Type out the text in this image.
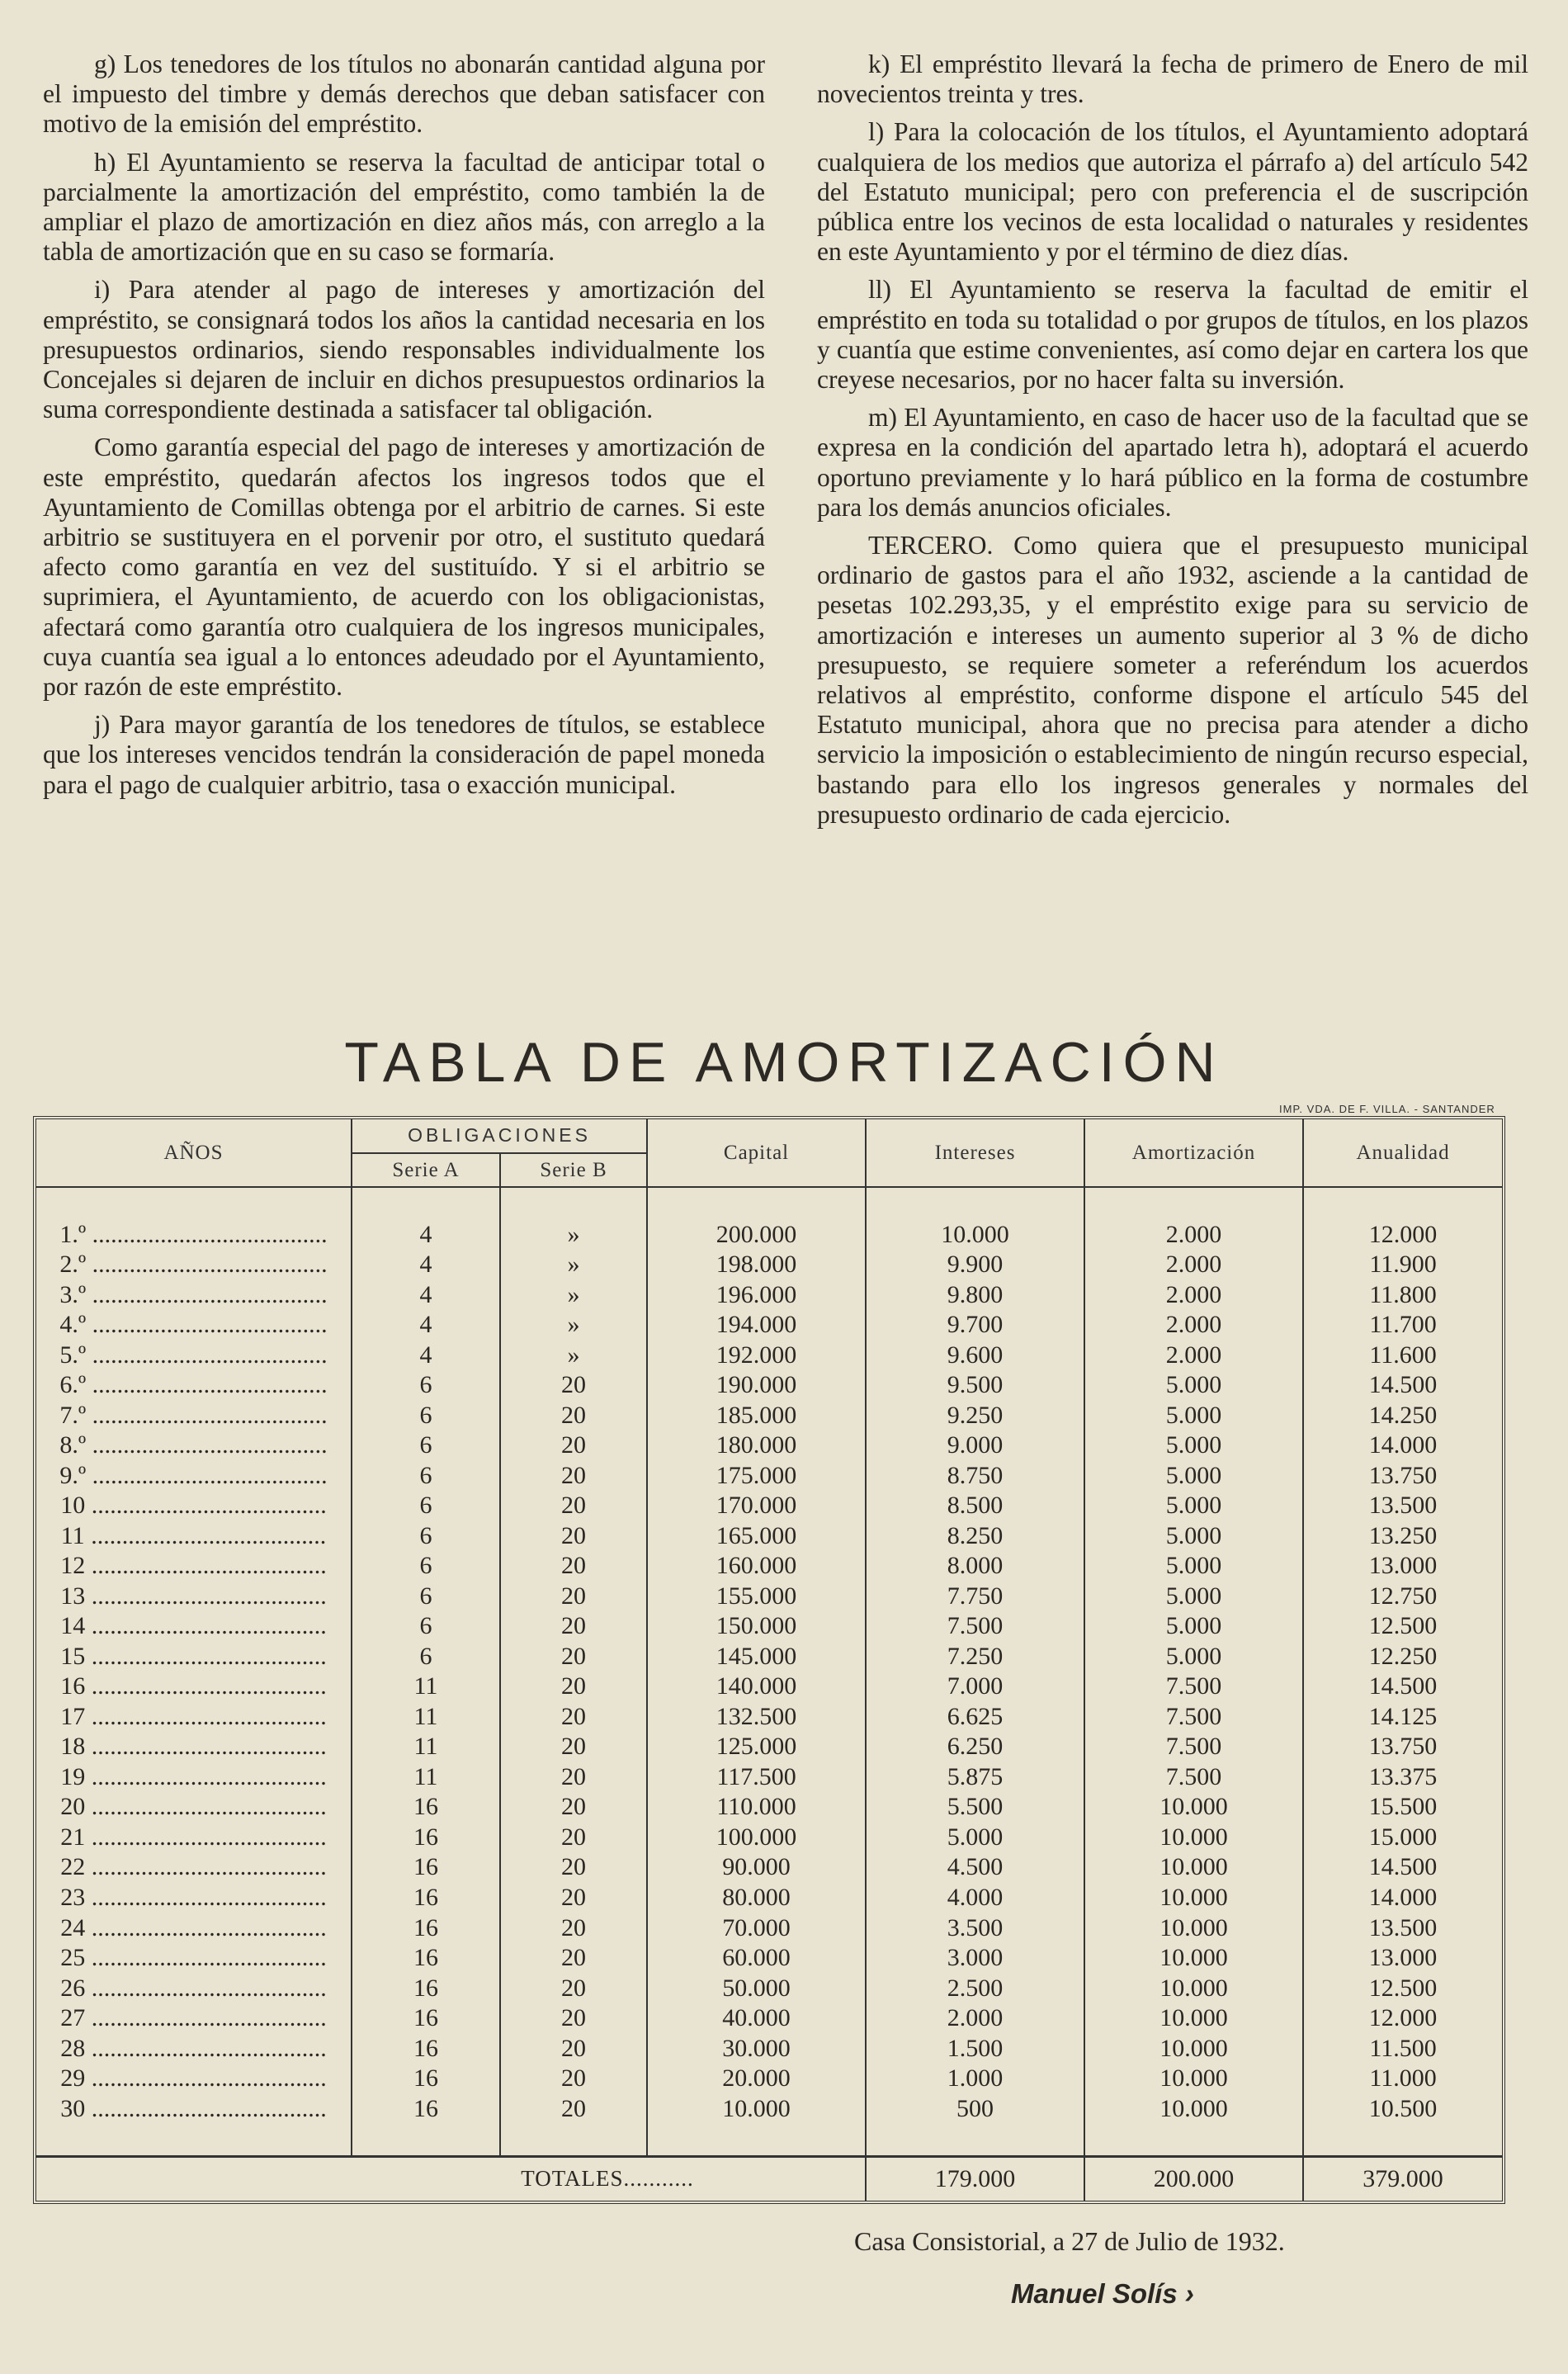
g) Los tenedores de los títulos no abonarán cantidad alguna por el impuesto del timbre y demás derechos que deban satisfacer con motivo de la emisión del empréstito.

h) El Ayuntamiento se reserva la facultad de anticipar total o parcialmente la amortización del empréstito, como también la de ampliar el plazo de amortización en diez años más, con arreglo a la tabla de amortización que en su caso se formaría.

i) Para atender al pago de intereses y amortización del empréstito, se consignará todos los años la cantidad necesaria en los presupuestos ordinarios, siendo responsables individualmente los Concejales si dejaren de incluir en dichos presupuestos ordinarios la suma correspondiente destinada a satisfacer tal obligación.

Como garantía especial del pago de intereses y amortización de este empréstito, quedarán afectos los ingresos todos que el Ayuntamiento de Comillas obtenga por el arbitrio de carnes. Si este arbitrio se sustituyera en el porvenir por otro, el sustituto quedará afecto como garantía en vez del sustituído. Y si el arbitrio se suprimiera, el Ayuntamiento, de acuerdo con los obligacionistas, afectará como garantía otro cualquiera de los ingresos municipales, cuya cuantía sea igual a lo entonces adeudado por el Ayuntamiento, por razón de este empréstito.

j) Para mayor garantía de los tenedores de títulos, se establece que los intereses vencidos tendrán la consideración de papel moneda para el pago de cualquier arbitrio, tasa o exacción municipal.

k) El empréstito llevará la fecha de primero de Enero de mil novecientos treinta y tres.

l) Para la colocación de los títulos, el Ayuntamiento adoptará cualquiera de los medios que autoriza el párrafo a) del artículo 542 del Estatuto municipal; pero con preferencia el de suscripción pública entre los vecinos de esta localidad o naturales y residentes en este Ayuntamiento y por el término de diez días.

ll) El Ayuntamiento se reserva la facultad de emitir el empréstito en toda su totalidad o por grupos de títulos, en los plazos y cuantía que estime convenientes, así como dejar en cartera los que creyese necesarios, por no hacer falta su inversión.

m) El Ayuntamiento, en caso de hacer uso de la facultad que se expresa en la condición del apartado letra h), adoptará el acuerdo oportuno previamente y lo hará público en la forma de costumbre para los demás anuncios oficiales.

TERCERO. Como quiera que el presupuesto municipal ordinario de gastos para el año 1932, asciende a la cantidad de pesetas 102.293,35, y el empréstito exige para su servicio de amortización e intereses un aumento superior al 3 % de dicho presupuesto, se requiere someter a referéndum los acuerdos relativos al empréstito, conforme dispone el artículo 545 del Estatuto municipal, ahora que no precisa para atender a dicho servicio la imposición o establecimiento de ningún recurso especial, bastando para ello los ingresos generales y normales del presupuesto ordinario de cada ejercicio.

TABLA DE AMORTIZACIÓN
IMP. VDA. DE F. VILLA. - SANTANDER
AÑOS	OBLIGACIONES		Capital	Intereses	Amortización	Anualidad
	Serie A	Serie B				

1.º ......................................	4	»	200.000	10.000	2.000	12.000
2.º ......................................	4	»	198.000	9.900	2.000	11.900
3.º ......................................	4	»	196.000	9.800	2.000	11.800
4.º ......................................	4	»	194.000	9.700	2.000	11.700
5.º ......................................	4	»	192.000	9.600	2.000	11.600
6.º ......................................	6	20	190.000	9.500	5.000	14.500
7.º ......................................	6	20	185.000	9.250	5.000	14.250
8.º ......................................	6	20	180.000	9.000	5.000	14.000
9.º ......................................	6	20	175.000	8.750	5.000	13.750
10 ......................................	6	20	170.000	8.500	5.000	13.500
11 ......................................	6	20	165.000	8.250	5.000	13.250
12 ......................................	6	20	160.000	8.000	5.000	13.000
13 ......................................	6	20	155.000	7.750	5.000	12.750
14 ......................................	6	20	150.000	7.500	5.000	12.500
15 ......................................	6	20	145.000	7.250	5.000	12.250
16 ......................................	11	20	140.000	7.000	7.500	14.500
17 ......................................	11	20	132.500	6.625	7.500	14.125
18 ......................................	11	20	125.000	6.250	7.500	13.750
19 ......................................	11	20	117.500	5.875	7.500	13.375
20 ......................................	16	20	110.000	5.500	10.000	15.500
21 ......................................	16	20	100.000	5.000	10.000	15.000
22 ......................................	16	20	90.000	4.500	10.000	14.500
23 ......................................	16	20	80.000	4.000	10.000	14.000
24 ......................................	16	20	70.000	3.500	10.000	13.500
25 ......................................	16	20	60.000	3.000	10.000	13.000
26 ......................................	16	20	50.000	2.500	10.000	12.500
27 ......................................	16	20	40.000	2.000	10.000	12.000
28 ......................................	16	20	30.000	1.500	10.000	11.500
29 ......................................	16	20	20.000	1.000	10.000	11.000
30 ......................................	16	20	10.000	500	10.000	10.500

TOTALES...........				179.000	200.000	379.000
Casa Consistorial, a 27 de Julio de 1932.
Manuel Solís ›
